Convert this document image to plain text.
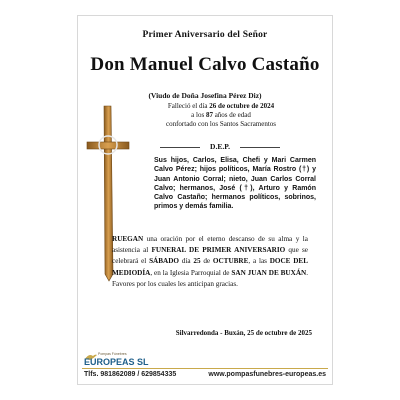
Primer Aniversario del Señor
Don Manuel Calvo Castaño
(Viudo de Doña Josefina Pérez Diz)
Falleció el día 26 de octubre de 2024
a los 87 años de edad
confortado con los Santos Sacramentos
D.E.P.
Sus hijos, Carlos, Elisa, Chefi y Mari Carmen Calvo Pérez; hijos políticos, María Rostro (†) y Juan Antonio Corral; nieto, Juan Carlos Corral Calvo; hermanos, José (†), Arturo y Ramón Calvo Castaño; hermanos políticos, sobrinos, primos y demás familia.
RUEGAN una oración por el eterno descanso de su alma y la asistencia al FUNERAL DE PRIMER ANIVERSARIO que se celebrará el SÁBADO día 25 de OCTUBRE, a las DOCE DEL MEDIODÍA, en la Iglesia Parroquial de SAN JUAN DE BUXÁN. Favores por los cuales les anticipan gracias.
Silvarredonda - Buxán, 25 de octubre de 2025
Pompas Fúnebres
EUROPEAS SL
Tlfs. 981862089 / 629854335	www.pompasfunebres-europeas.es
